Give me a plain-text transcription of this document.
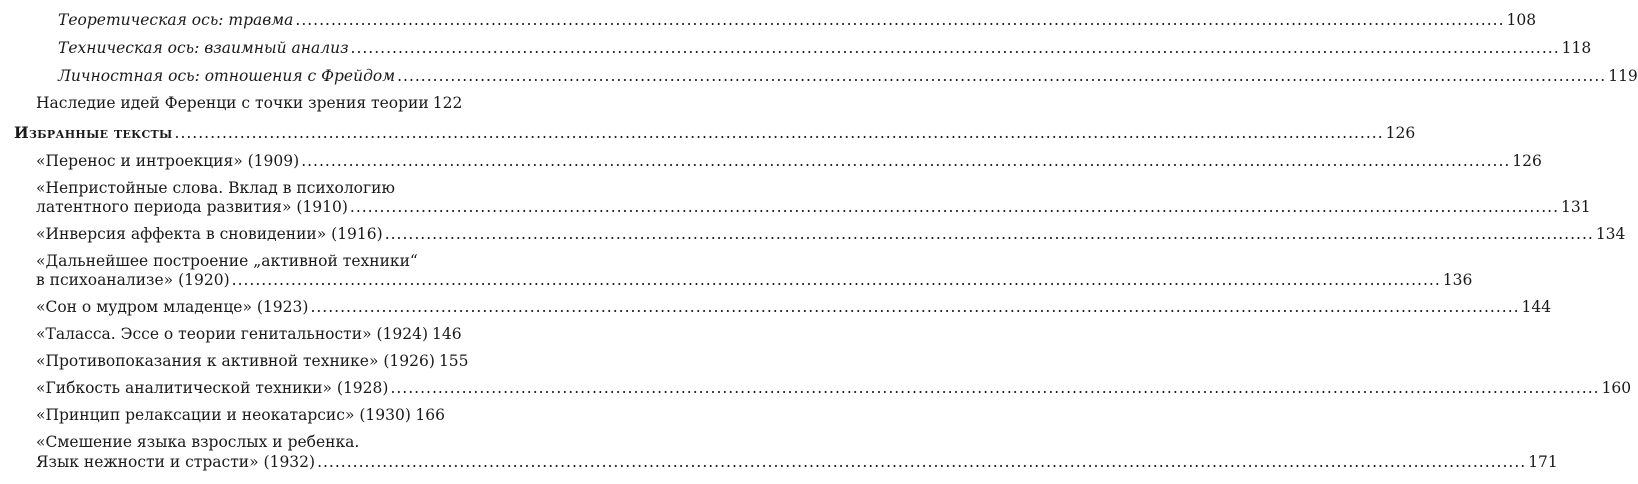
Теоретическая ось: травма .....	108
Техническая ось: взаимный анализ .....	118
Личностная ось: отношения с Фрейдом .....	119
Наследие идей Ференци с точки зрения теории 122
Избранные тексты .....	126
«Перенос и интроекция» (1909) .....	126
«Непристойные слова. Вклад в психологию
латентного периода развития» (1910) .....	131
«Инверсия аффекта в сновидении» (1916) .....	134
«Дальнейшее построение „активной техники“
в психоанализе» (1920) .....	136
«Сон о мудром младенце» (1923) .....	144
«Таласса. Эссе о теории генитальности» (1924) 146
«Противопоказания к активной технике» (1926) 155
«Гибкость аналитической техники» (1928) .....	160
«Принцип релаксации и неокатарсис» (1930) ..... 166
«Смешение языка взрослых и ребенка.
Язык нежности и страсти» (1932) .....	171
